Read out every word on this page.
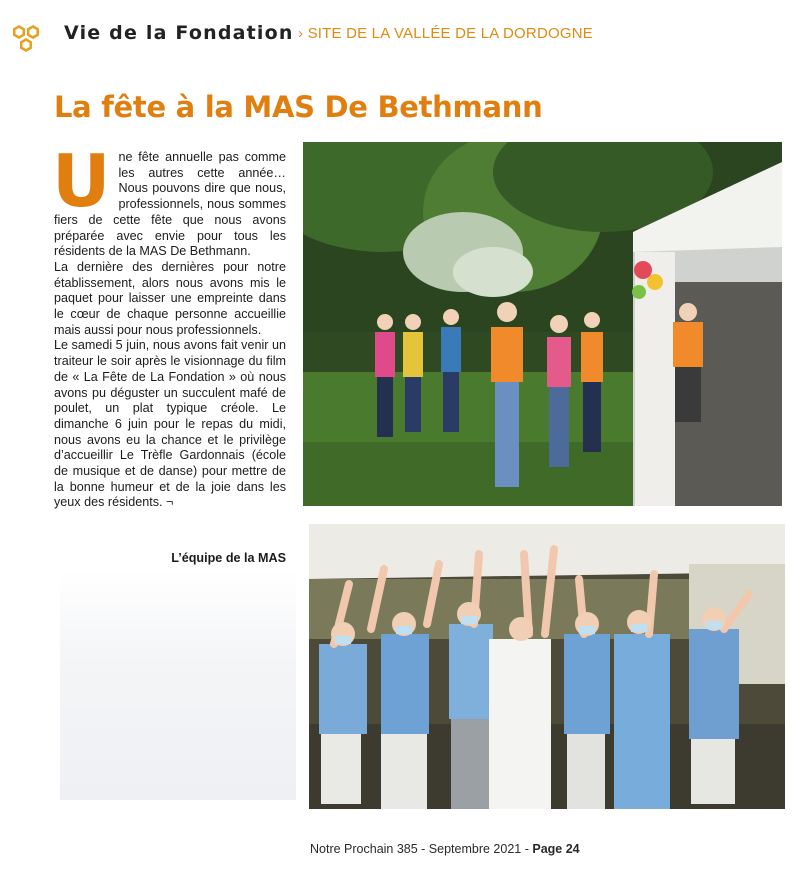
Vie de la Fondation › SITE DE LA VALLÉE DE LA DORDOGNE
La fête à la MAS De Bethmann
U ne fête annuelle pas comme les autres cette année… Nous pouvons dire que nous, professionnels, nous sommes fiers de cette fête que nous avons préparée avec envie pour tous les résidents de la MAS De Bethmann.

La dernière des dernières pour notre établissement, alors nous avons mis le paquet pour laisser une empreinte dans le cœur de chaque personne accueillie mais aussi pour nous professionnels.

Le samedi 5 juin, nous avons fait venir un traiteur le soir après le visionnage du film de « La Fête de La Fondation » où nous avons pu déguster un succulent mafé de poulet, un plat typique créole. Le dimanche 6 juin pour le repas du midi, nous avons eu la chance et le privilège d’accueillir Le Trèfle Gardonnais (école de musique et de danse) pour mettre de la bonne humeur et de la joie dans les yeux des résidents. ¬

L’équipe de la MAS
Notre Prochain 385 - Septembre 2021 - Page 24
